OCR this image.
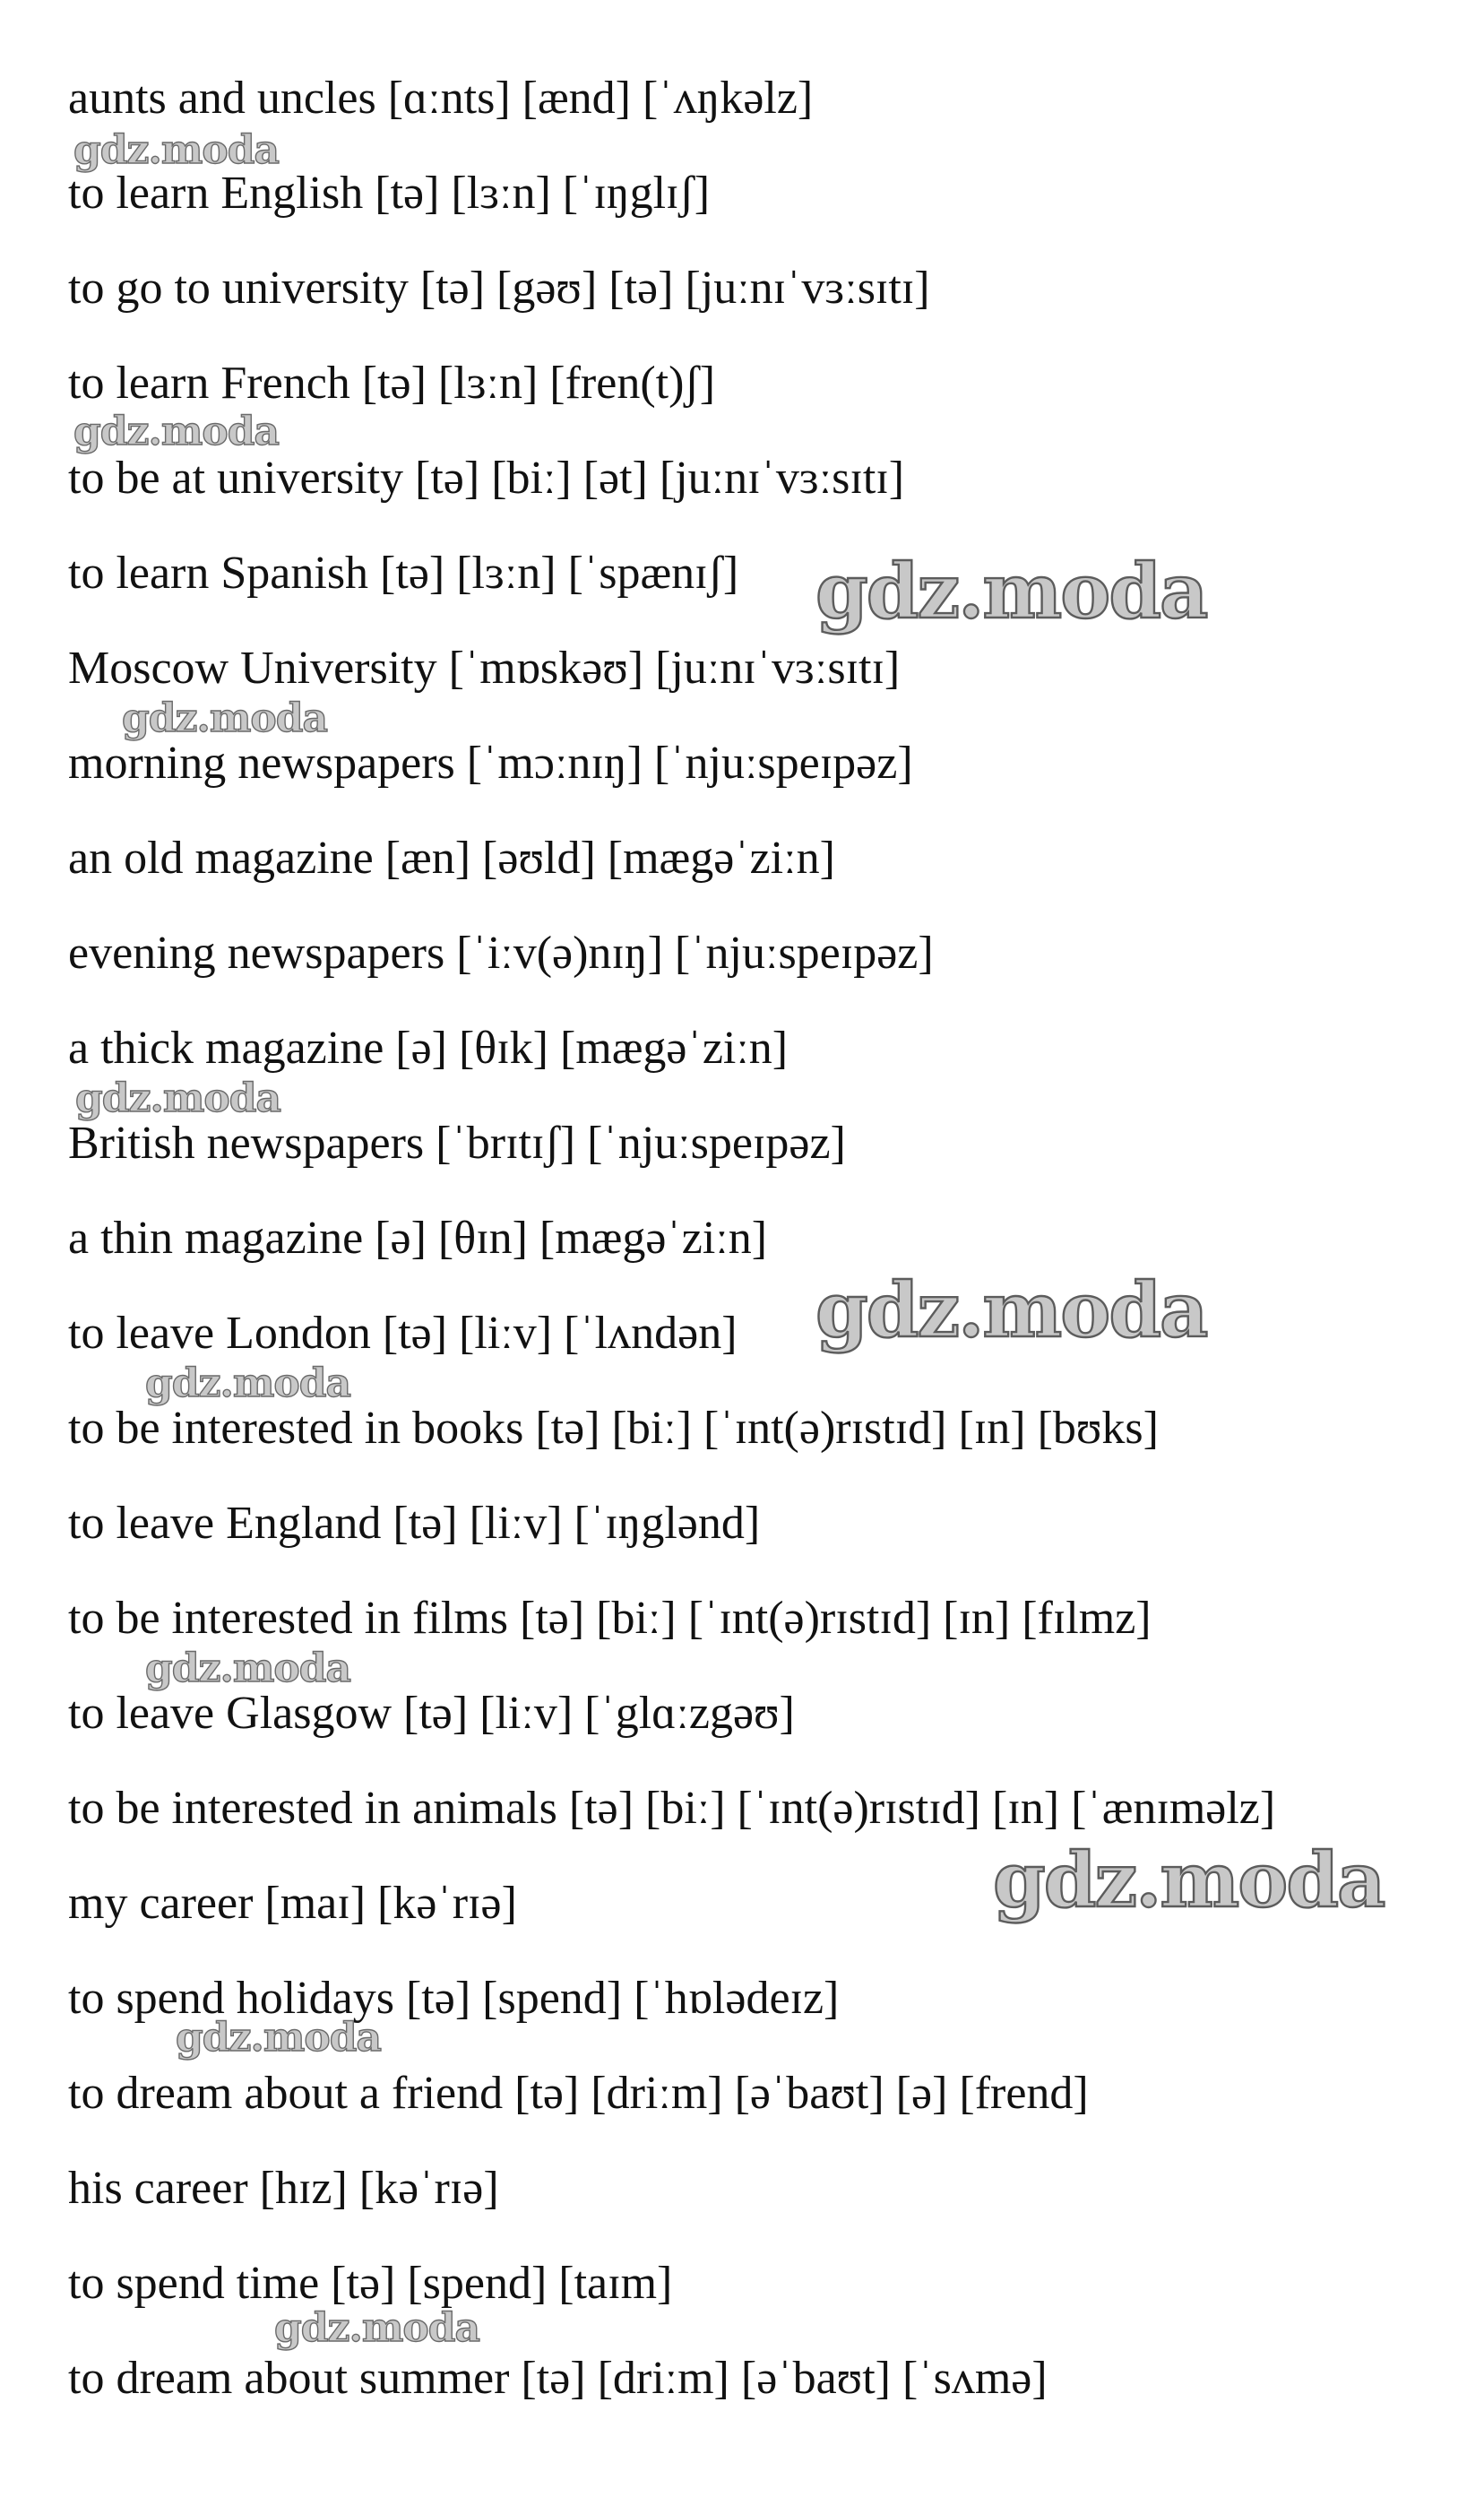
aunts and uncles [ɑːnts] [ænd] [ˈʌŋkəlz]
to learn English [tə] [lɜːn] [ˈɪŋglɪʃ]
to go to university [tə] [gəʊ] [tə] [juːnɪˈvɜːsɪtɪ]
to learn French [tə] [lɜːn] [fren(t)ʃ]
to be at university [tə] [biː] [ət] [juːnɪˈvɜːsɪtɪ]
to learn Spanish [tə] [lɜːn] [ˈspænɪʃ]
Moscow University [ˈmɒskəʊ] [juːnɪˈvɜːsɪtɪ]
morning newspapers [ˈmɔːnɪŋ] [ˈnjuːspeɪpəz]
an old magazine [æn] [əʊld] [mægəˈziːn]
evening newspapers [ˈiːv(ə)nɪŋ] [ˈnjuːspeɪpəz]
a thick magazine [ə] [θɪk] [mægəˈziːn]
British newspapers [ˈbrɪtɪʃ] [ˈnjuːspeɪpəz]
a thin magazine [ə] [θɪn] [mægəˈziːn]
to leave London [tə] [liːv] [ˈlʌndən]
to be interested in books [tə] [biː] [ˈɪnt(ə)rɪstɪd] [ɪn] [bʊks]
to leave England [tə] [liːv] [ˈɪŋglənd]
to be interested in films [tə] [biː] [ˈɪnt(ə)rɪstɪd] [ɪn] [fɪlmz]
to leave Glasgow [tə] [liːv] [ˈglɑːzgəʊ]
to be interested in animals [tə] [biː] [ˈɪnt(ə)rɪstɪd] [ɪn] [ˈænɪməlz]
my career [maɪ] [kəˈrɪə]
to spend holidays [tə] [spend] [ˈhɒlədeɪz]
to dream about a friend [tə] [driːm] [əˈbaʊt] [ə] [frend]
his career [hɪz] [kəˈrɪə]
to spend time [tə] [spend] [taɪm]
to dream about summer [tə] [driːm] [əˈbaʊt] [ˈsʌmə]
gdz.moda
gdz.moda
gdz.moda
gdz.moda
gdz.moda
gdz.moda
gdz.moda
gdz.moda
gdz.moda
gdz.moda
gdz.moda
